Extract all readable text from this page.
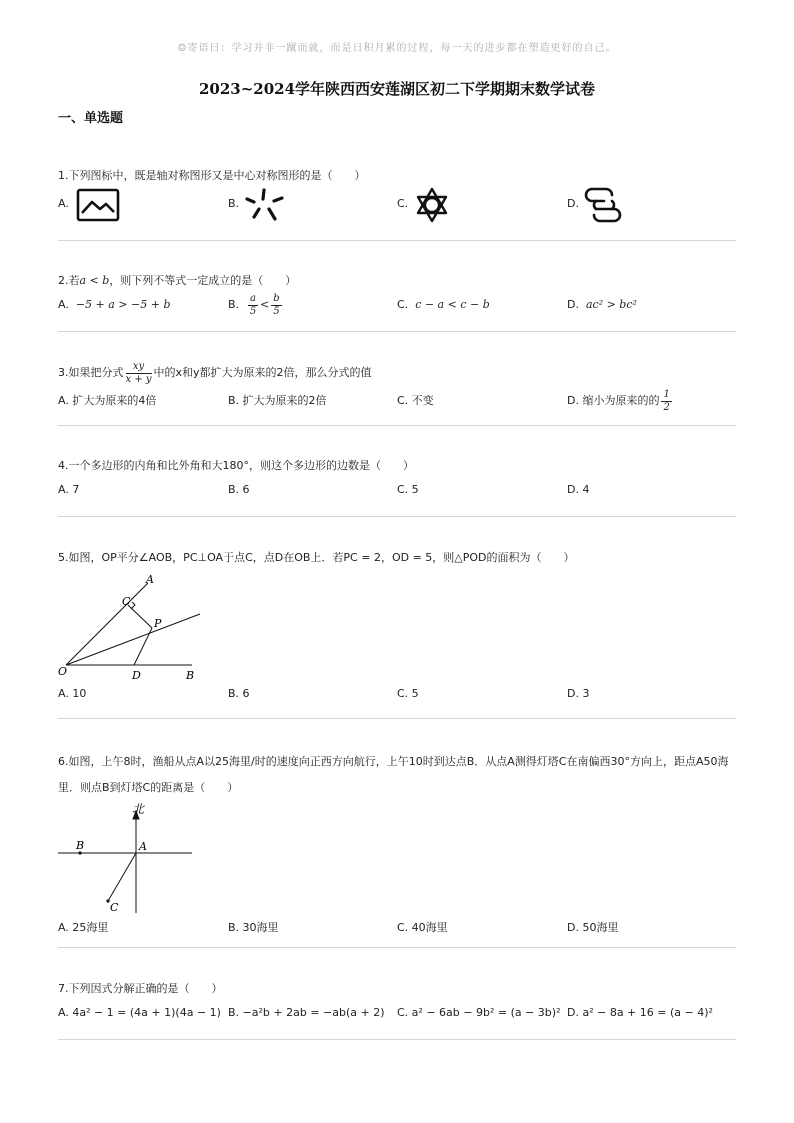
☺寄语曰：学习并非一蹴而就，而是日积月累的过程，每一天的进步都在塑造更好的自己。
2023~2024学年陕西西安莲湖区初二下学期期末数学试卷
一、单选题
1.下列图标中，既是轴对称图形又是中心对称图形的是（　　）
A.	B.	C.	D.
2.若a < b，则下列不等式一定成立的是（　　）
A. −5 + a > −5 + b	B. $\frac{a}{5} < \frac{b}{5}$	C. c − a < c − b	D. ac² > bc²
3.如果把分式 $\frac{xy}{x + y}$ 中的x和y都扩大为原来的2倍，那么分式的值
A. 扩大为原来的4倍	B. 扩大为原来的2倍	C. 不变	D. 缩小为原来的的 $\frac{1}{2}$
4.一个多边形的内角和比外角和大180°，则这个多边形的边数是（　　）
A. 7	B. 6	C. 5	D. 4
5.如图，OP平分∠AOB，PC⊥OA于点C，点D在OB上．若PC = 2，OD = 5，则△POD的面积为（　　）
A
C
P
O	D	B
A. 10	B. 6	C. 5	D. 3
6.如图，上午8时，渔船从点A以25海里/时的速度向正西方向航行，上午10时到达点B．从点A测得灯塔C在南偏西30°方向上，距点A50海里．则点B到灯塔C的距离是（　　）
北
B	A
C
A. 25海里	B. 30海里	C. 40海里	D. 50海里
7.下列因式分解正确的是（　　）
A. 4a² − 1 = (4a + 1)(4a − 1) B. −a²b + 2ab = −ab(a + 2) C. a² − 6ab − 9b² = (a − 3b)² D. a² − 8a + 16 = (a − 4)²
